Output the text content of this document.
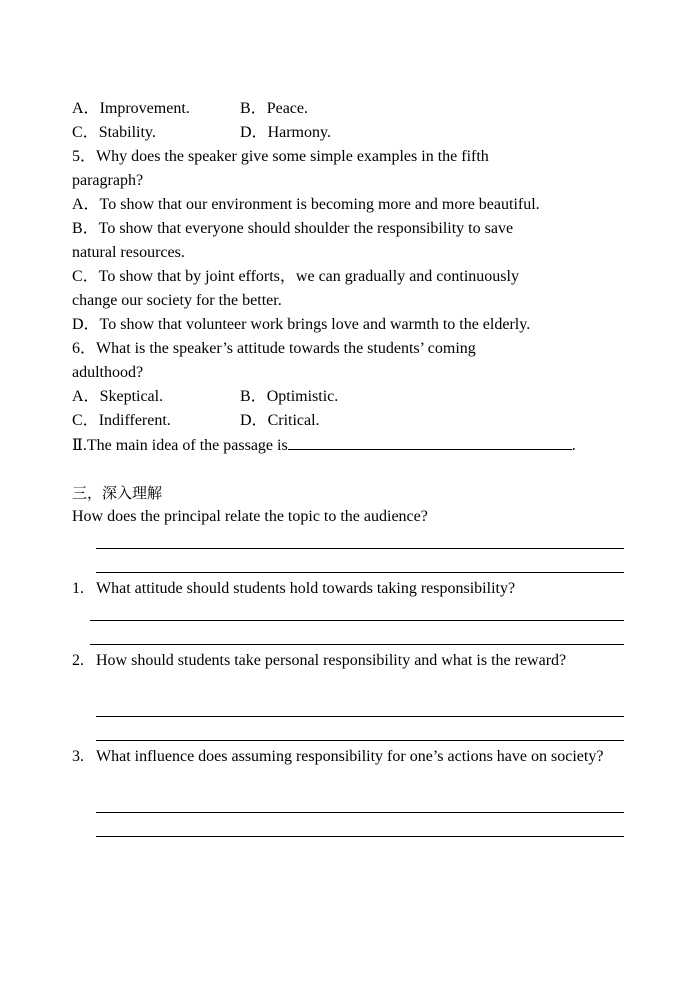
A．Improvement.	B．Peace.
C．Stability.	D．Harmony.
5．Why does the speaker give some simple examples in the fifth
paragraph?
A．To show that our environment is becoming more and more beautiful.
B．To show that everyone should shoulder the responsibility to save
natural resources.
C．To show that by joint efforts，we can gradually and continuously
change our society for the better.
D．To show that volunteer work brings love and warmth to the elderly.
6．What is the speaker’s attitude towards the students’ coming
adulthood?
A．Skeptical.	B．Optimistic.
C．Indifferent.	D．Critical.
Ⅱ.The main idea of the passage is	.
三，深入理解
How does the principal relate the topic to the audience?
1. What attitude should students hold towards taking responsibility?
2. How should students take personal responsibility and what is the reward?
3. What influence does assuming responsibility for one’s actions have on society?
